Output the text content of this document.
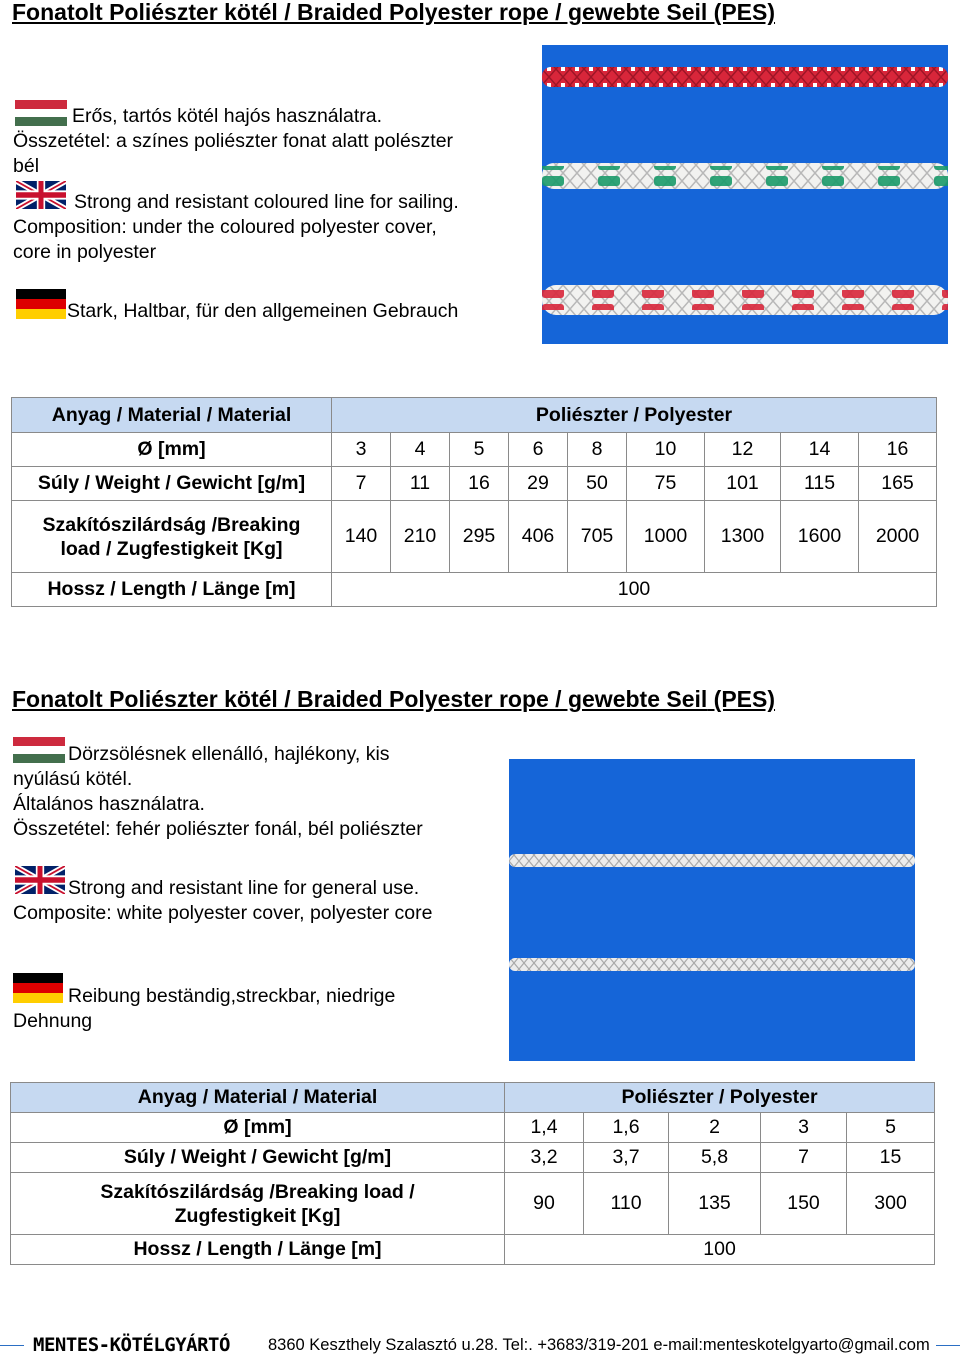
Fonatolt Poliészter kötél / Braided Polyester rope / gewebte Seil (PES)
Erős, tartós kötél hajós használatra.
Összetétel: a színes poliészter fonat alatt polészter
bél
Strong and resistant coloured line for sailing.
Composition: under the coloured polyester cover,
core in polyester
Stark, Haltbar, für den allgemeinen Gebrauch
Anyag / Material / Material	Poliészter / Polyester								
Ø [mm]	3	4	5	6	8	10	12	14	16
Súly / Weight / Gewicht [g/m]	7	11	16	29	50	75	101	115	165
Szakítószilárdság /Breaking
load / Zugfestigkeit [Kg]	140	210	295	406	705	1000	1300	1600	2000
Hossz / Length / Länge [m]	100								
Fonatolt Poliészter kötél / Braided Polyester rope / gewebte Seil (PES)
Dörzsölésnek ellenálló, hajlékony, kis
nyúlású kötél.
Általános használatra.
Összetétel: fehér poliészter fonál, bél poliészter
Strong and resistant line for general use.
Composite: white polyester cover, polyester core
Reibung beständig,streckbar, niedrige
Dehnung
Anyag / Material / Material	Poliészter / Polyester				
Ø [mm]	1,4	1,6	2	3	5
Súly / Weight / Gewicht [g/m]	3,2	3,7	5,8	7	15
Szakítószilárdság /Breaking load /
Zugfestigkeit [Kg]	90	110	135	150	300
Hossz / Length / Länge [m]	100				
MENTES-KÖTÉLGYÁRTÓ 8360 Keszthely Szalasztó u.28. Tel:. +3683/319-201 e-mail:menteskotelgyarto@gmail.com
